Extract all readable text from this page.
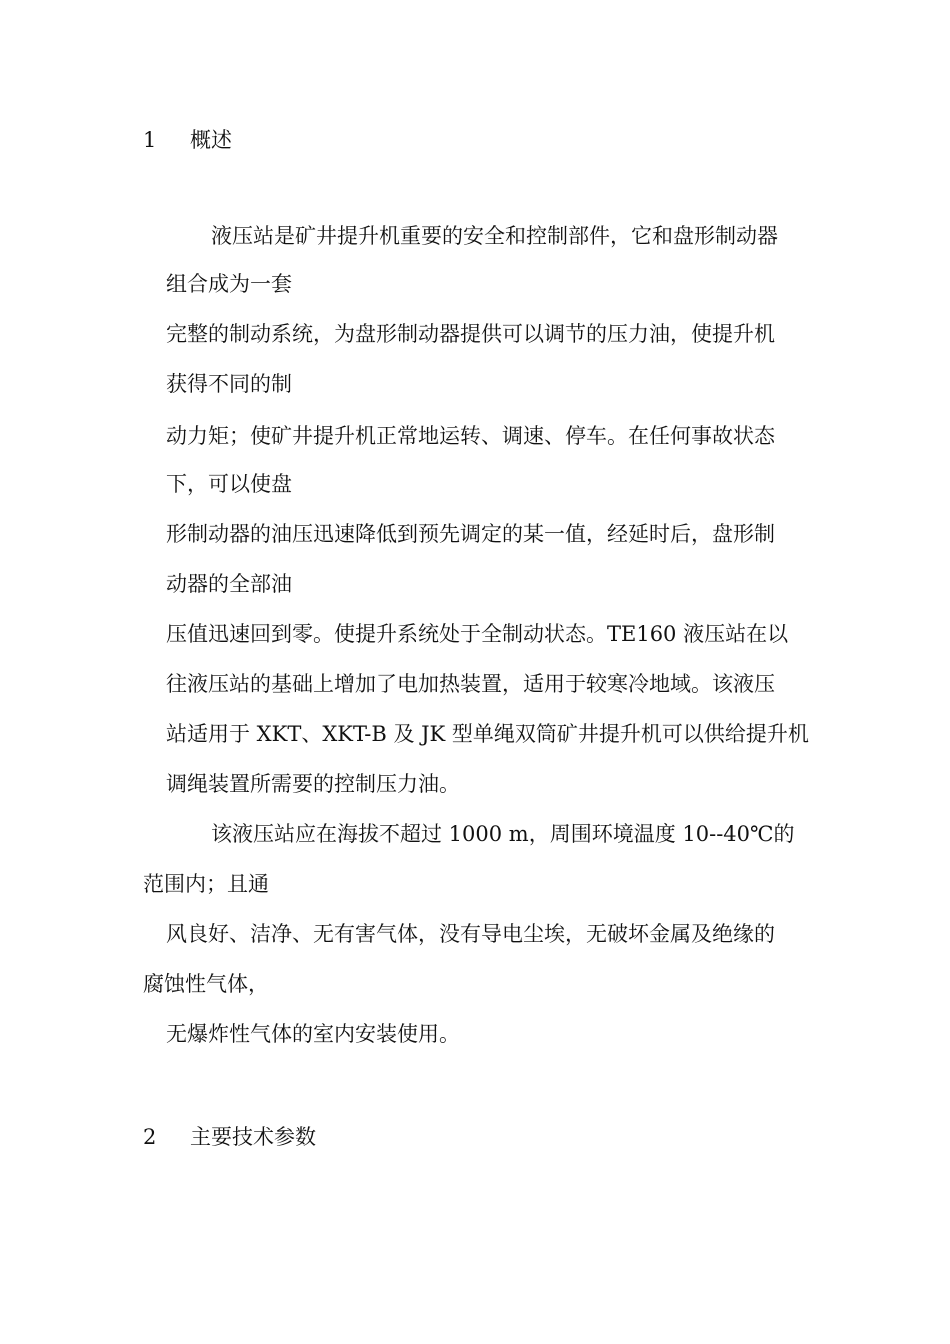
1 概述
液压站是矿井提升机重要的安全和控制部件，它和盘形制动器
组合成为一套
完整的制动系统，为盘形制动器提供可以调节的压力油，使提升机
获得不同的制
动力矩；使矿井提升机正常地运转、调速、停车。在任何事故状态
下，可以使盘
形制动器的油压迅速降低到预先调定的某一值，经延时后，盘形制
动器的全部油
压值迅速回到零。使提升系统处于全制动状态。TE160 液压站在以
往液压站的基础上增加了电加热装置，适用于较寒冷地域。该液压
站适用于 XKT、XKT-B 及 JK 型单绳双筒矿井提升机可以供给提升机
调绳装置所需要的控制压力油。
该液压站应在海拔不超过 1000 m，周围环境温度 10--40℃的
范围内；且通
风良好、洁净、无有害气体，没有导电尘埃，无破坏金属及绝缘的
腐蚀性气体，
无爆炸性气体的室内安装使用。
2 主要技术参数
